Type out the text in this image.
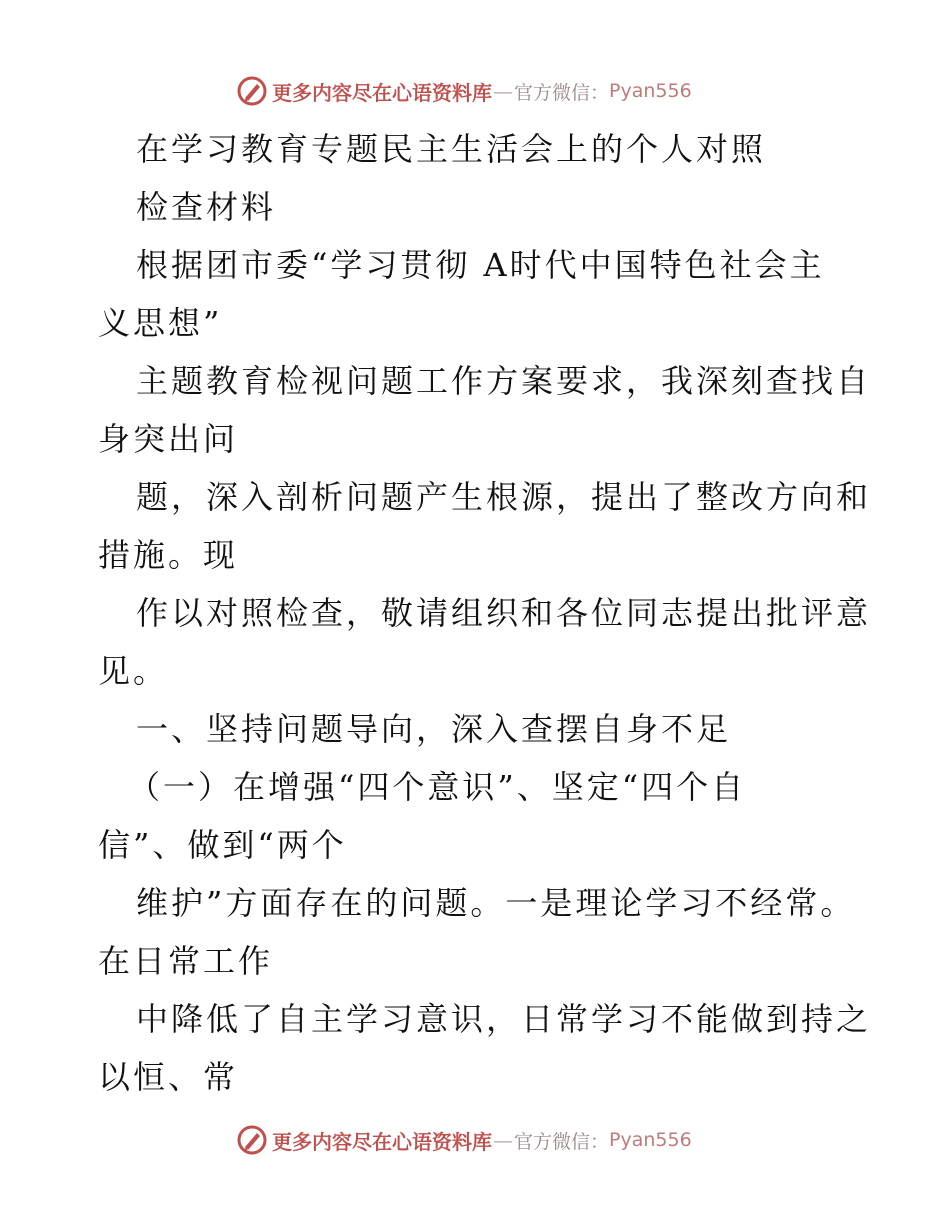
更多内容尽在心语资料库 — 官方微信： Pyan556
在学习教育专题民主生活会上的个人对照
检查材料
根据团市委“学习贯彻 A时代中国特色社会主
义思想”
主题教育检视问题工作方案要求，我深刻查找自
身突出问
题，深入剖析问题产生根源，提出了整改方向和
措施。现
作以对照检查，敬请组织和各位同志提出批评意
见。
一、坚持问题导向，深入查摆自身不足
（一）在增强“四个意识”、坚定“四个自
信”、做到“两个
维护”方面存在的问题。一是理论学习不经常。
在日常工作
中降低了自主学习意识，日常学习不能做到持之
以恒、常
更多内容尽在心语资料库 — 官方微信： Pyan556
